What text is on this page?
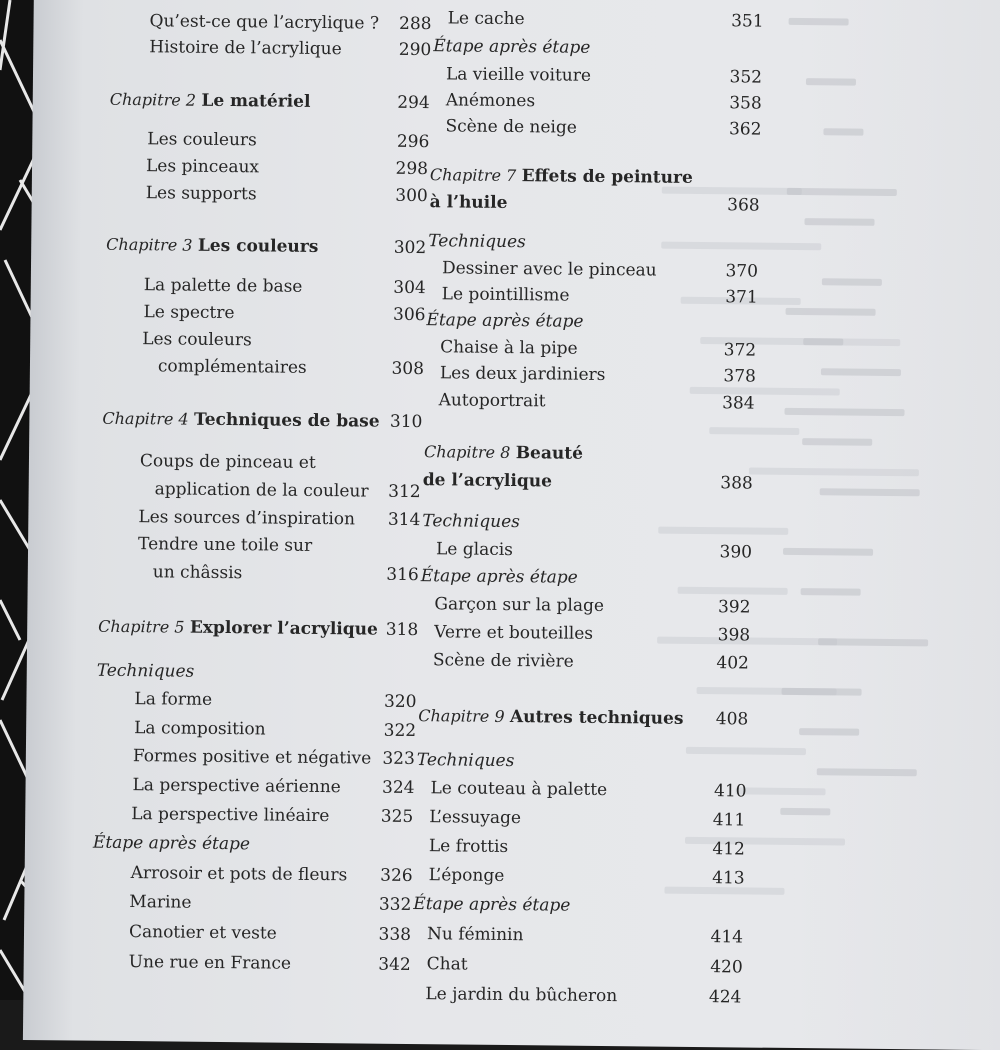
Qu’est-ce que l’acrylique ?	288
Histoire de l’acrylique	290
Chapitre 2 Le matériel	294
Les couleurs	296
Les pinceaux	298
Les supports	300
Chapitre 3 Les couleurs	302
La palette de base	304
Le spectre	306
Les couleurs
complémentaires	308
Chapitre 4 Techniques de base 310
Coups de pinceau et
application de la couleur	312
Les sources d’inspiration	314
Tendre une toile sur
un châssis	316
Chapitre 5 Explorer l’acrylique 318
Techniques
La forme	320
La composition	322
Formes positive et négative 323
La perspective aérienne	324
La perspective linéaire	325
Étape après étape
Arrosoir et pots de fleurs	326
Marine	332
Canotier et veste	338
Une rue en France	342
Le cache	351
Étape après étape
La vieille voiture	352
Anémones	358
Scène de neige	362
Chapitre 7 Effets de peinture
à l’huile	368
Techniques
Dessiner avec le pinceau	370
Le pointillisme	371
Étape après étape
Chaise à la pipe	372
Les deux jardiniers	378
Autoportrait	384
Chapitre 8 Beauté
de l’acrylique	388
Techniques
Le glacis	390
Étape après étape
Garçon sur la plage	392
Verre et bouteilles	398
Scène de rivière	402
Chapitre 9 Autres techniques	408
Techniques
Le couteau à palette	410
L’essuyage	411
Le frottis	412
L’éponge	413
Étape après étape
Nu féminin	414
Chat	420
Le jardin du bûcheron	424
